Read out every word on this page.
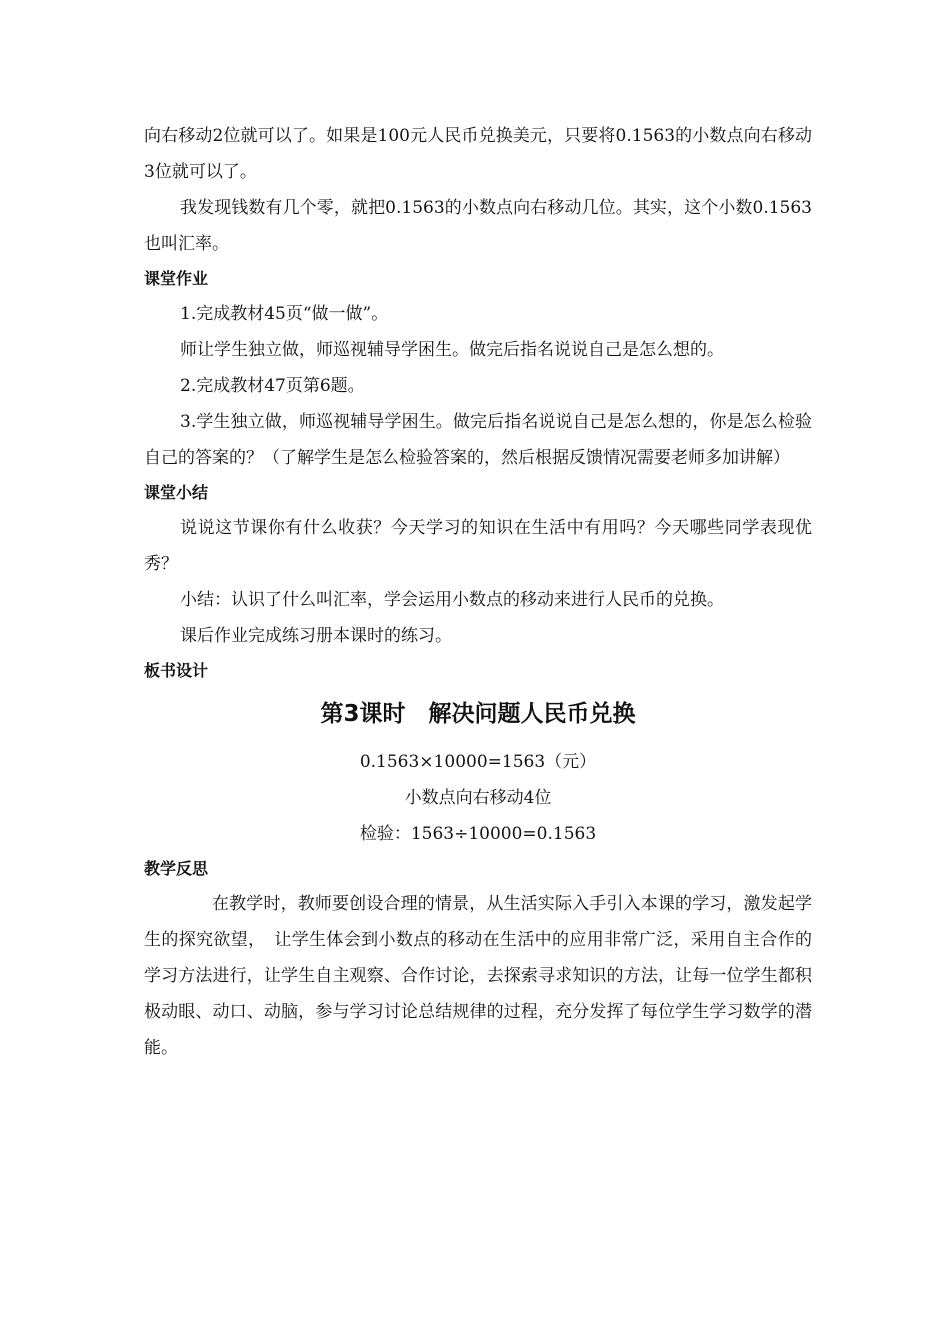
向右移动2位就可以了。如果是100元人民币兑换美元，只要将0.1563的小数点向右移动3位就可以了。

我发现钱数有几个零，就把0.1563的小数点向右移动几位。其实，这个小数0.1563也叫汇率。

课堂作业

1.完成教材45页“做一做”。

师让学生独立做，师巡视辅导学困生。做完后指名说说自己是怎么想的。

2.完成教材47页第6题。

3.学生独立做，师巡视辅导学困生。做完后指名说说自己是怎么想的，你是怎么检验自己的答案的？（了解学生是怎么检验答案的，然后根据反馈情况需要老师多加讲解）

课堂小结

说说这节课你有什么收获？今天学习的知识在生活中有用吗？今天哪些同学表现优秀？

小结：认识了什么叫汇率，学会运用小数点的移动来进行人民币的兑换。

课后作业完成练习册本课时的练习。

板书设计
第3课时　解决问题人民币兑换

0.1563×10000=1563（元）

小数点向右移动4位

检验：1563÷10000=0.1563

教学反思

在教学时，教师要创设合理的情景，从生活实际入手引入本课的学习，激发起学生的探究欲望，　让学生体会到小数点的移动在生活中的应用非常广泛，采用自主合作的学习方法进行，让学生自主观察、合作讨论，去探索寻求知识的方法，让每一位学生都积极动眼、动口、动脑，参与学习讨论总结规律的过程，充分发挥了每位学生学习数学的潜能。
